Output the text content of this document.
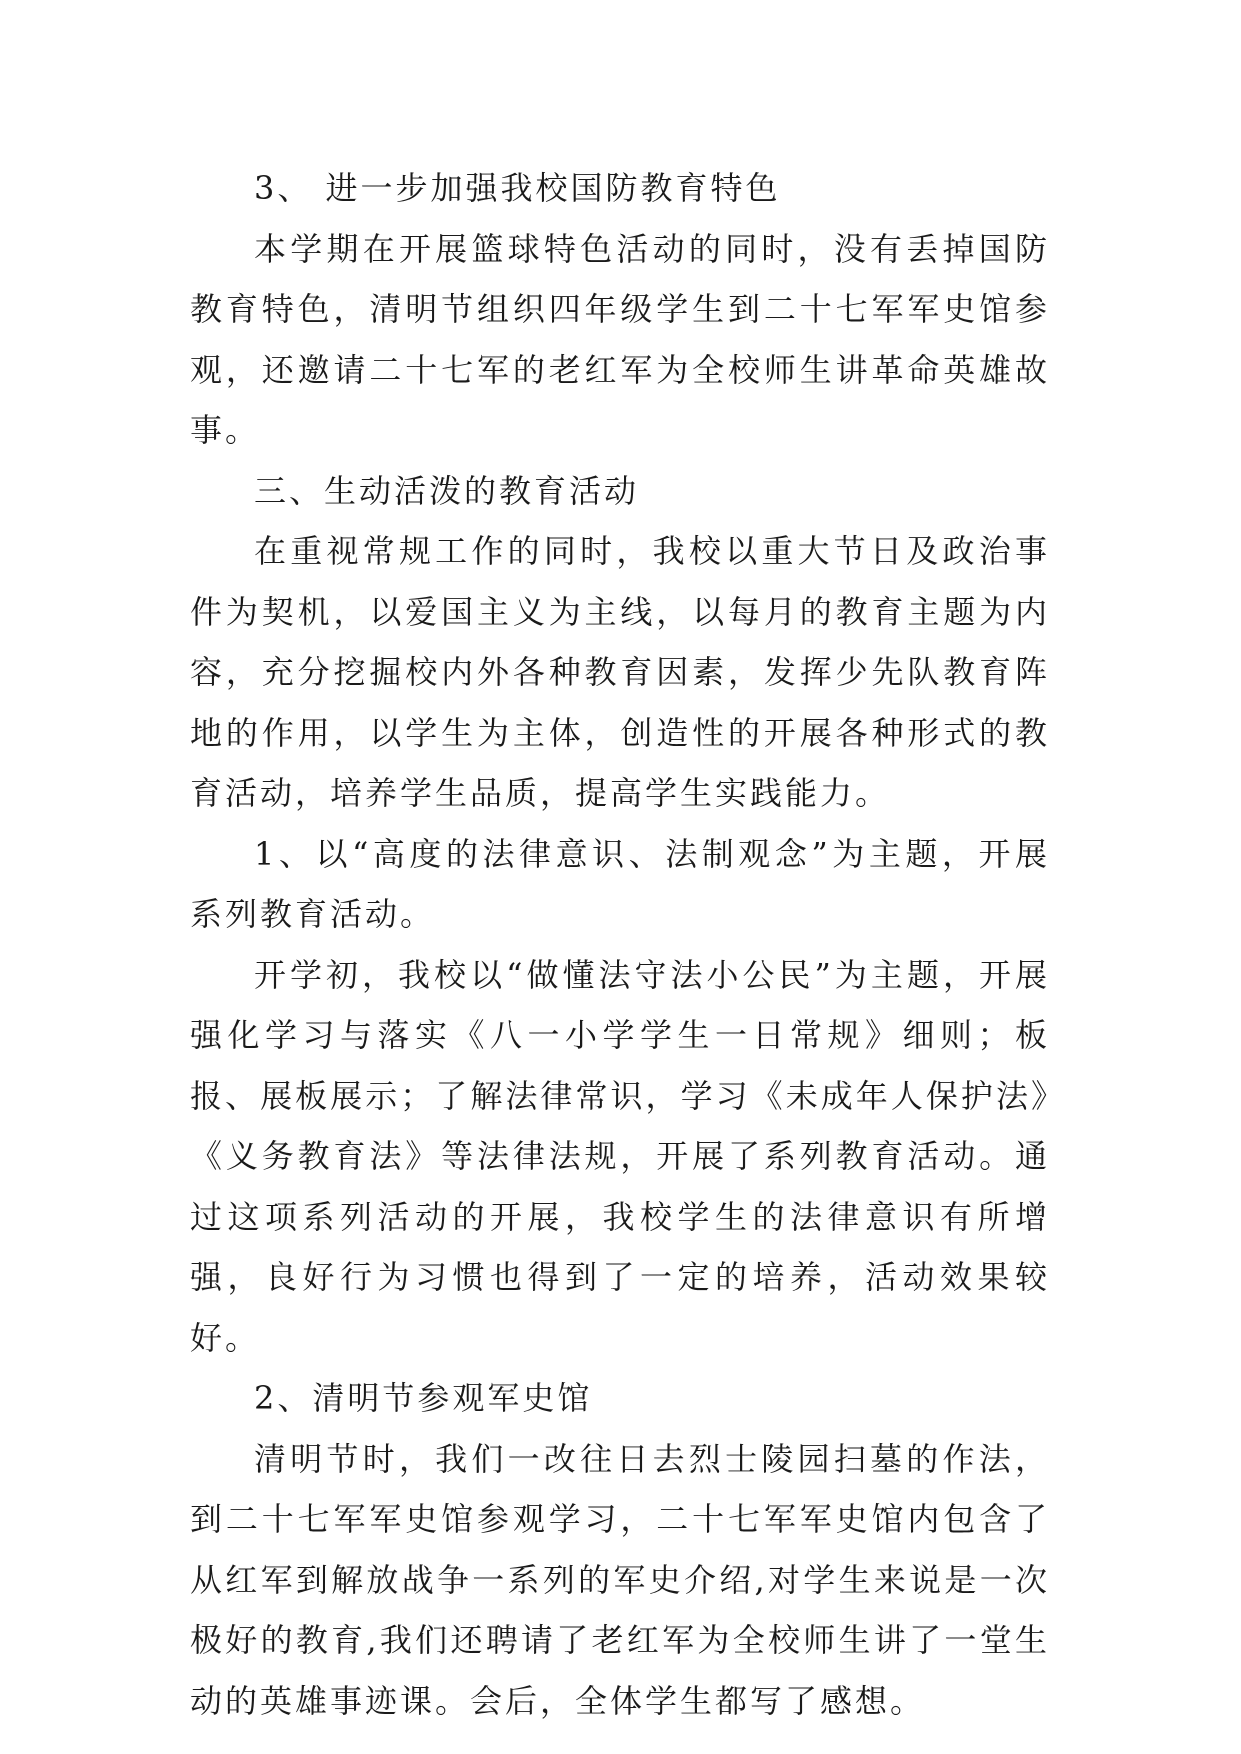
3、 进一步加强我校国防教育特色

本学期在开展篮球特色活动的同时，没有丢掉国防教育特色，清明节组织四年级学生到二十七军军史馆参观，还邀请二十七军的老红军为全校师生讲革命英雄故事。

三、生动活泼的教育活动

在重视常规工作的同时，我校以重大节日及政治事件为契机，以爱国主义为主线，以每月的教育主题为内容，充分挖掘校内外各种教育因素，发挥少先队教育阵地的作用，以学生为主体，创造性的开展各种形式的教育活动，培养学生品质，提高学生实践能力。

1、以“高度的法律意识、法制观念”为主题，开展系列教育活动。

开学初，我校以“做懂法守法小公民”为主题，开展强化学习与落实《八一小学学生一日常规》细则；板报、展板展示；了解法律常识，学习《未成年人保护法》《义务教育法》等法律法规，开展了系列教育活动。通过这项系列活动的开展，我校学生的法律意识有所增强，良好行为习惯也得到了一定的培养，活动效果较好。

2、清明节参观军史馆

清明节时，我们一改往日去烈士陵园扫墓的作法，到二十七军军史馆参观学习，二十七军军史馆内包含了从红军到解放战争一系列的军史介绍,对学生来说是一次极好的教育,我们还聘请了老红军为全校师生讲了一堂生动的英雄事迹课。会后，全体学生都写了感想。
